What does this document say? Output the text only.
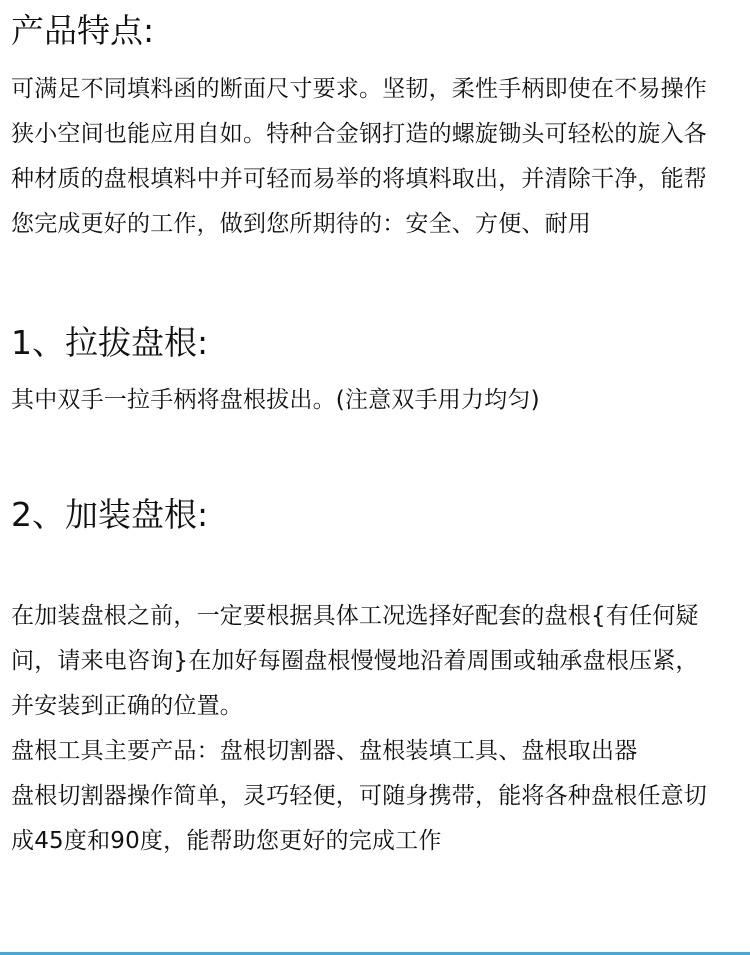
产品特点:
可满足不同填料函的断面尺寸要求。坚韧，柔性手柄即使在不易操作
狭小空间也能应用自如。特种合金钢打造的螺旋锄头可轻松的旋入各
种材质的盘根填料中并可轻而易举的将填料取出，并清除干净，能帮
您完成更好的工作，做到您所期待的：安全、方便、耐用
1、拉拔盘根:
其中双手一拉手柄将盘根拔出。(注意双手用力均匀)
2、加装盘根:
在加装盘根之前，一定要根据具体工况选择好配套的盘根{有任何疑
问，请来电咨询}在加好每圈盘根慢慢地沿着周围或轴承盘根压紧，
并安装到正确的位置。
盘根工具主要产品：盘根切割器、盘根装填工具、盘根取出器
盘根切割器操作简单，灵巧轻便，可随身携带，能将各种盘根任意切
成45度和90度，能帮助您更好的完成工作
